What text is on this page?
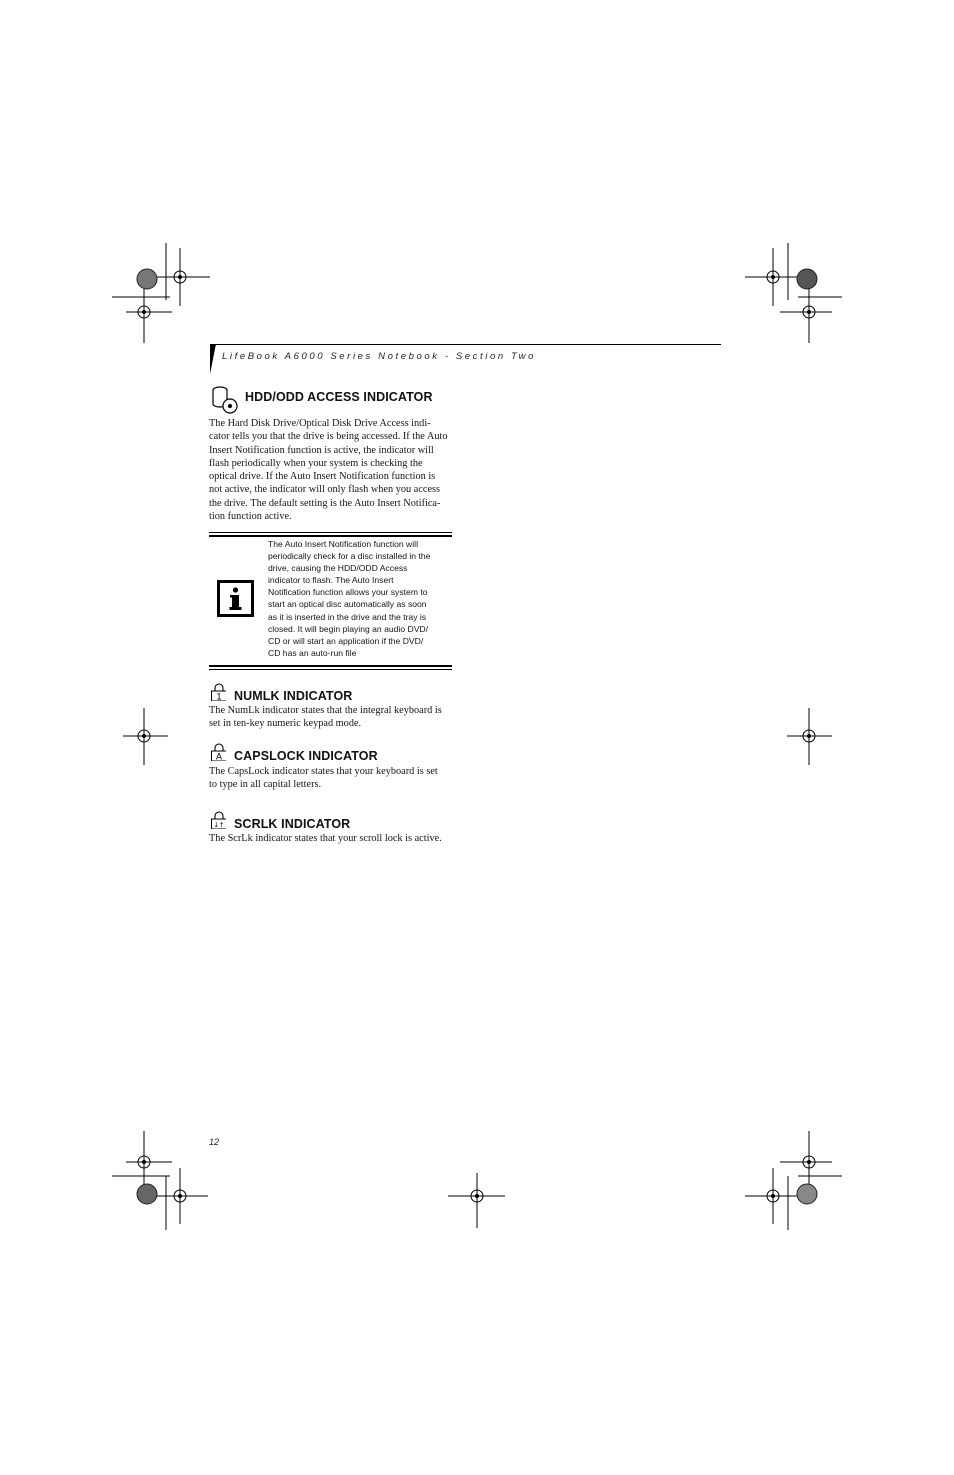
LifeBook A6000 Series Notebook - Section Two
HDD/ODD ACCESS INDICATOR
The Hard Disk Drive/Optical Disk Drive Access indi-
cator tells you that the drive is being accessed. If the Auto
Insert Notification function is active, the indicator will
flash periodically when your system is checking the
optical drive. If the Auto Insert Notification function is
not active, the indicator will only flash when you access
the drive. The default setting is the Auto Insert Notifica-
tion function active.
The Auto Insert Notification function will
periodically check for a disc installed in the
drive, causing the HDD/ODD Access
indicator to flash. The Auto Insert
Notification function allows your system to
start an optical disc automatically as soon
as it is inserted in the drive and the tray is
closed. It will begin playing an audio DVD/
CD or will start an application if the DVD/
CD has an auto-run file
1 NUMLK INDICATOR
The NumLk indicator states that the integral keyboard is
set in ten-key numeric keypad mode.
A CAPSLOCK INDICATOR
The CapsLock indicator states that your keyboard is set
to type in all capital letters.
↓↑ SCRLK INDICATOR
The ScrLk indicator states that your scroll lock is active.
12
